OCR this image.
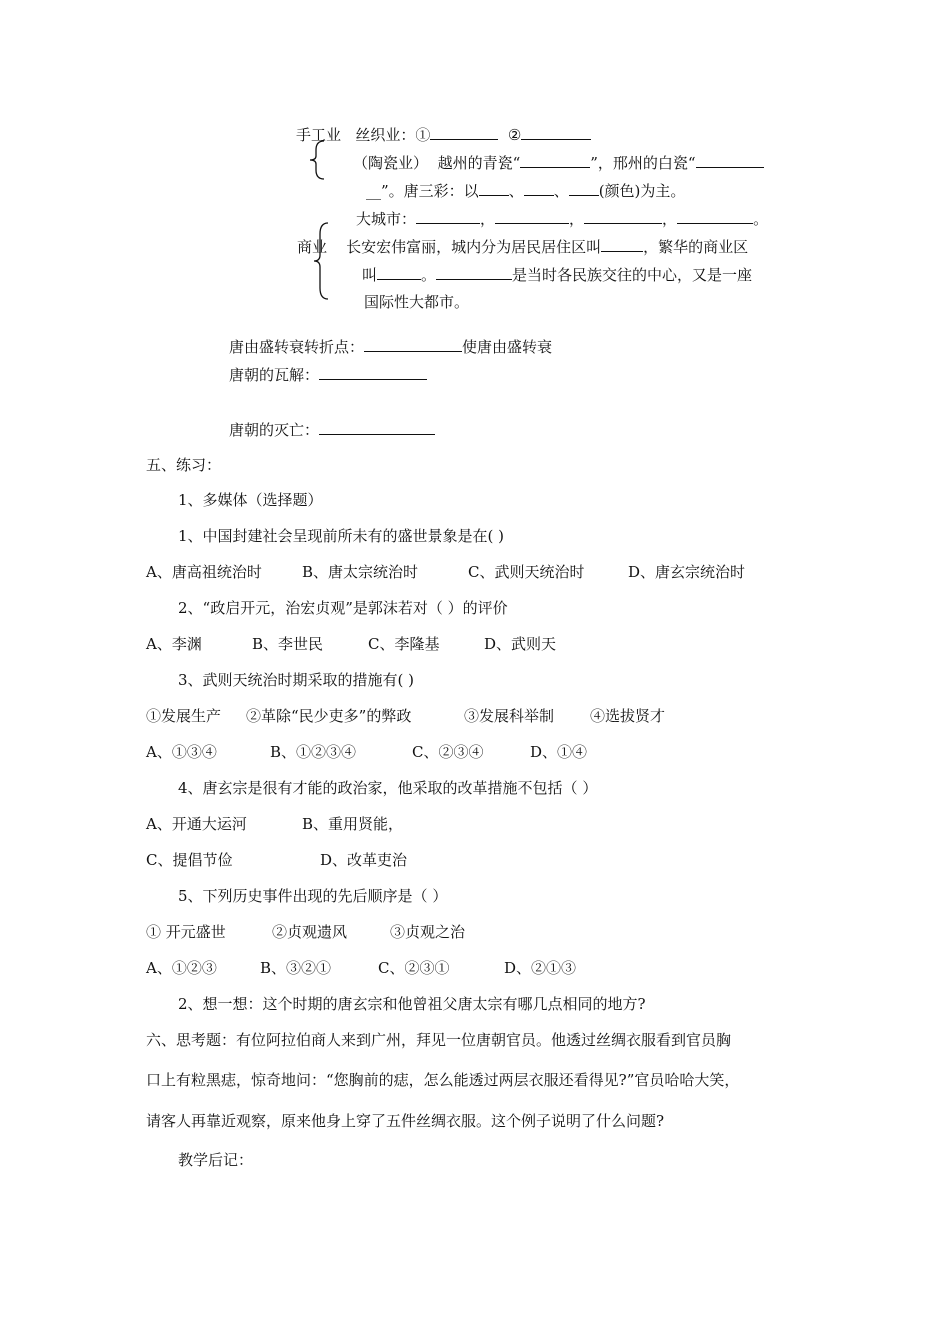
手工业 丝织业：①	②
（陶瓷业） 越州的青瓷“	”，邢州的白瓷“
__”。唐三彩：以 、 、 (颜色)为主。
大城市：	，	，	，	。
商业 长安宏伟富丽，城内分为居民居住区叫	，繁华的商业区
叫	。	是当时各民族交往的中心，又是一座
国际性大都市。
唐由盛转衰转折点：	使唐由盛转衰
唐朝的瓦解：
唐朝的灭亡：
五、练习：
1、多媒体（选择题）
1、中国封建社会呈现前所未有的盛世景象是在( )
A、唐高祖统治时	B、唐太宗统治时	C、武则天统治时	D、唐玄宗统治时
2、“政启开元，治宏贞观”是郭沫若对（ ）的评价
A、李渊	B、李世民	C、李隆基	D、武则天
3、武则天统治时期采取的措施有( )
①发展生产 ②革除“民少吏多”的弊政	③发展科举制 ④选拔贤才
A、①③④	B、①②③④	C、②③④	D、①④
4、唐玄宗是很有才能的政治家，他采取的改革措施不包括（ ）
A、开通大运河	B、重用贤能，
C、提倡节俭	D、改革吏治
5、下列历史事件出现的先后顺序是（ ）
① 开元盛世	②贞观遗风	③贞观之治
A、①②③	B、③②①	C、②③①	D、②①③
2、想一想：这个时期的唐玄宗和他曾祖父唐太宗有哪几点相同的地方?
六、思考题：有位阿拉伯商人来到广州，拜见一位唐朝官员。他透过丝绸衣服看到官员胸
口上有粒黑痣，惊奇地问：“您胸前的痣，怎么能透过两层衣服还看得见?”官员哈哈大笑，
请客人再靠近观察，原来他身上穿了五件丝绸衣服。这个例子说明了什么问题?
教学后记：
